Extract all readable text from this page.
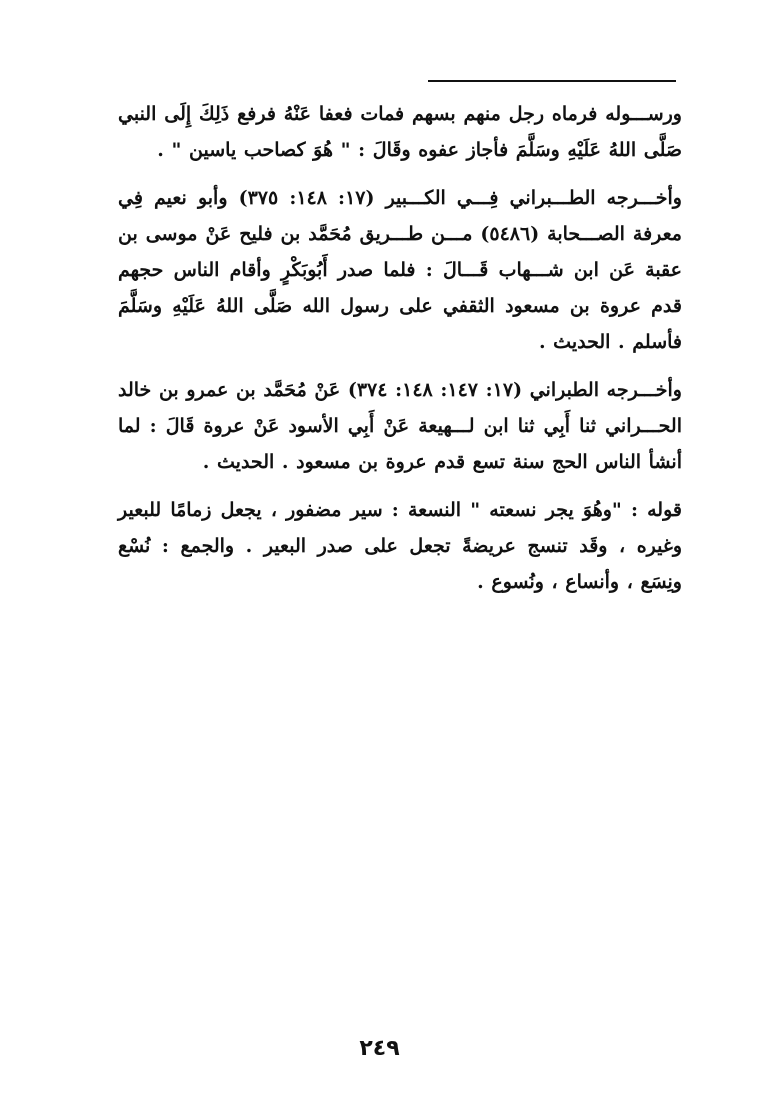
ورســـوله فرماه رجل منهم بسهم فمات فعفا عَنْهُ فرفع ذَلِكَ إِلَى النبي صَلَّى اللهُ عَلَيْهِ وسَلَّمَ فأجاز عفوه وقَالَ : " هُوَ كصاحب ياسين " .

وأخـــرجه الطـــبراني فِـــي الكـــبير (١٧: ١٤٨: ٣٧٥) وأبو نعيم فِي معرفة الصـــحابة (٥٤٨٦) مـــن طـــريق مُحَمَّد بن فليح عَنْ موسى بن عقبة عَن ابن شـــهاب قَـــالَ : فلما صدر أَبُوبَكْرٍ وأقام الناس حجهم قدم عروة بن مسعود الثقفي على رسول الله صَلَّى اللهُ عَلَيْهِ وسَلَّمَ فأسلم . الحديث .

وأخـــرجه الطبراني (١٧: ١٤٧: ١٤٨: ٣٧٤) عَنْ مُحَمَّد بن عمرو بن خالد الحـــراني ثنا أَبِي ثنا ابن لـــهيعة عَنْ أَبِي الأسود عَنْ عروة قَالَ : لما أنشأ الناس الحج سنة تسع قدم عروة بن مسعود . الحديث .

قوله : "وهُوَ يجر نسعته " النسعة : سير مضفور ، يجعل زمامًا للبعير وغيره ، وقَد تنسج عريضةً تجعل على صدر البعير . والجمع : نُسْع ونِسَع ، وأنساع ، ونُسوع .

٢٤٩
